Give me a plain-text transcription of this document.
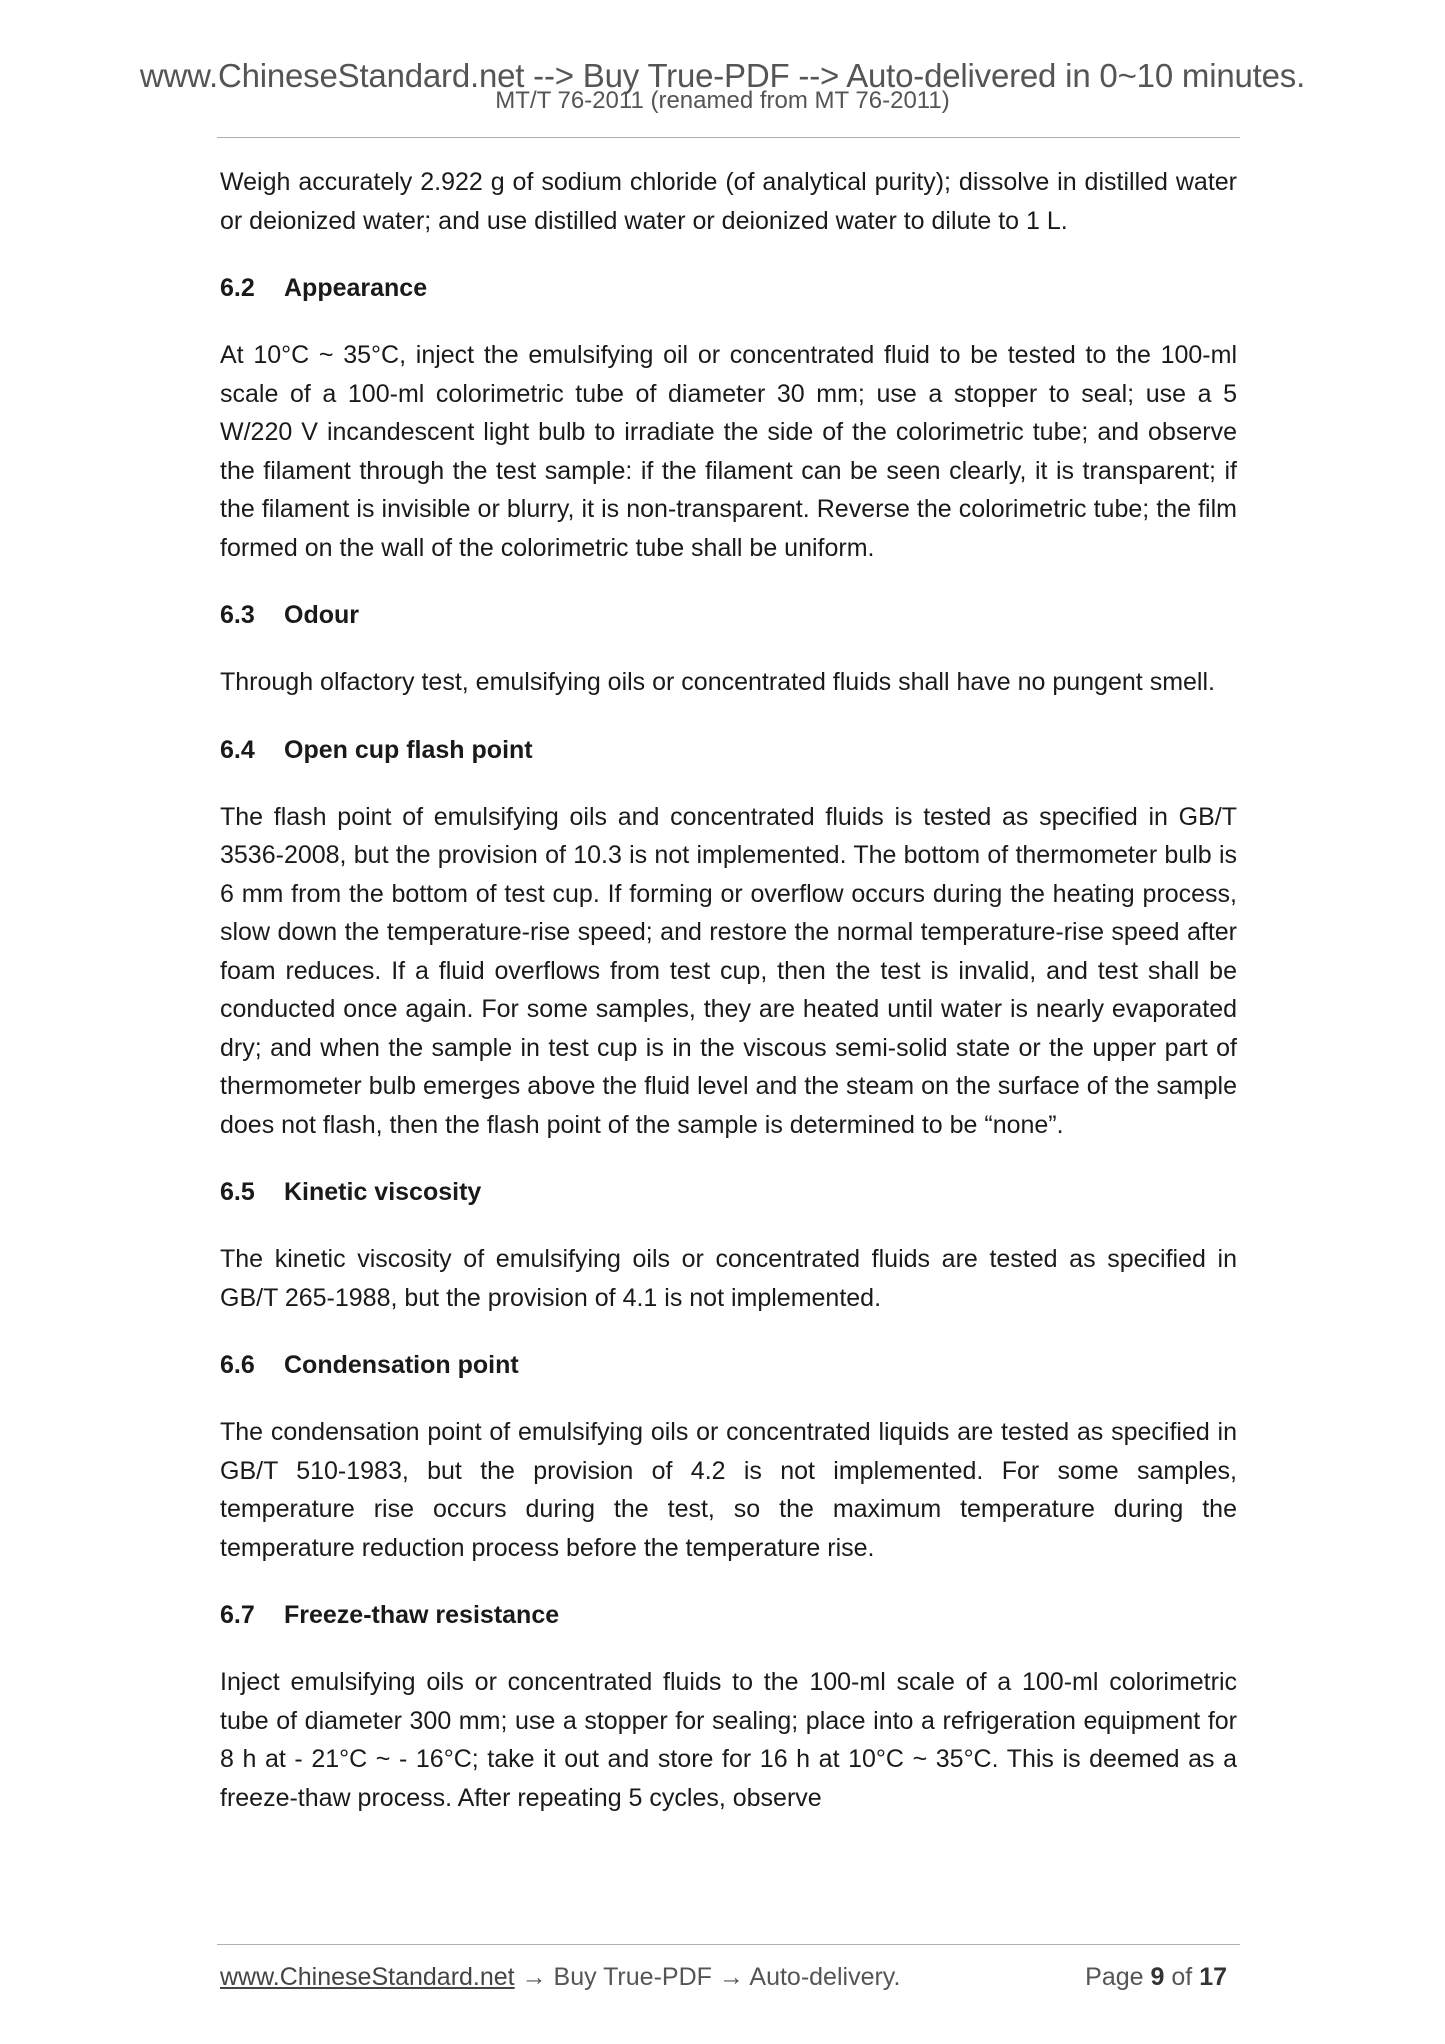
www.ChineseStandard.net --> Buy True-PDF --> Auto-delivered in 0~10 minutes.
MT/T 76-2011 (renamed from MT 76-2011)

Weigh accurately 2.922 g of sodium chloride (of analytical purity); dissolve in distilled water or deionized water; and use distilled water or deionized water to dilute to 1 L.

6.2 Appearance

At 10°C ~ 35°C, inject the emulsifying oil or concentrated fluid to be tested to the 100-ml scale of a 100-ml colorimetric tube of diameter 30 mm; use a stopper to seal; use a 5 W/220 V incandescent light bulb to irradiate the side of the colorimetric tube; and observe the filament through the test sample: if the filament can be seen clearly, it is transparent; if the filament is invisible or blurry, it is non-transparent. Reverse the colorimetric tube; the film formed on the wall of the colorimetric tube shall be uniform.

6.3 Odour

Through olfactory test, emulsifying oils or concentrated fluids shall have no pungent smell.

6.4 Open cup flash point

The flash point of emulsifying oils and concentrated fluids is tested as specified in GB/T 3536-2008, but the provision of 10.3 is not implemented. The bottom of thermometer bulb is 6 mm from the bottom of test cup. If forming or overflow occurs during the heating process, slow down the temperature-rise speed; and restore the normal temperature-rise speed after foam reduces. If a fluid overflows from test cup, then the test is invalid, and test shall be conducted once again. For some samples, they are heated until water is nearly evaporated dry; and when the sample in test cup is in the viscous semi-solid state or the upper part of thermometer bulb emerges above the fluid level and the steam on the surface of the sample does not flash, then the flash point of the sample is determined to be “none”.

6.5 Kinetic viscosity

The kinetic viscosity of emulsifying oils or concentrated fluids are tested as specified in GB/T 265-1988, but the provision of 4.1 is not implemented.

6.6 Condensation point

The condensation point of emulsifying oils or concentrated liquids are tested as specified in GB/T 510-1983, but the provision of 4.2 is not implemented. For some samples, temperature rise occurs during the test, so the maximum temperature during the temperature reduction process before the temperature rise.

6.7 Freeze-thaw resistance

Inject emulsifying oils or concentrated fluids to the 100-ml scale of a 100-ml colorimetric tube of diameter 300 mm; use a stopper for sealing; place into a refrigeration equipment for 8 h at - 21°C ~ - 16°C; take it out and store for 16 h at 10°C ~ 35°C. This is deemed as a freeze-thaw process. After repeating 5 cycles, observe

www.ChineseStandard.net → Buy True-PDF → Auto-delivery.	Page 9 of 17
